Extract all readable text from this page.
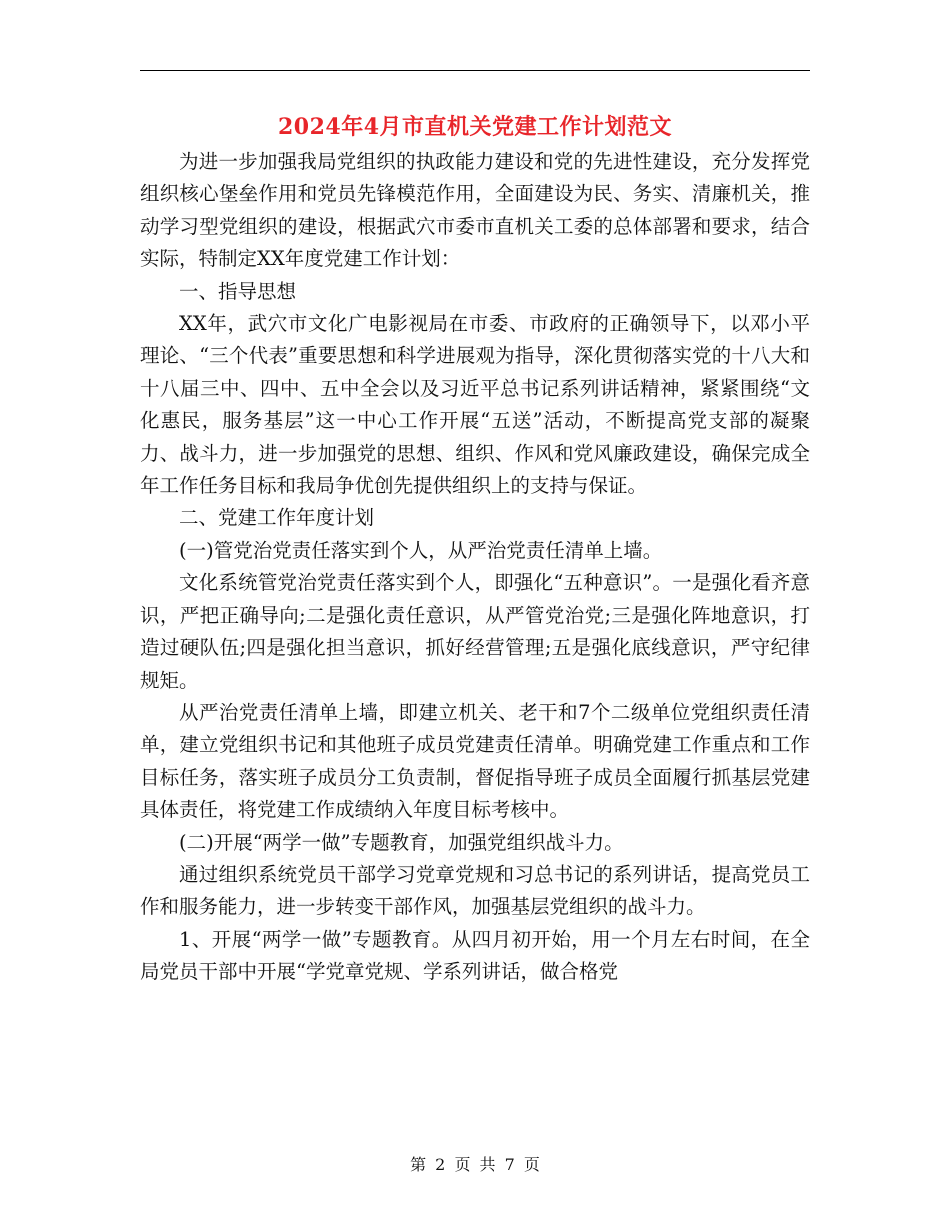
2024年4月市直机关党建工作计划范文

为进一步加强我局党组织的执政能力建设和党的先进性建设，充分发挥党组织核心堡垒作用和党员先锋模范作用，全面建设为民、务实、清廉机关，推动学习型党组织的建设，根据武穴市委市直机关工委的总体部署和要求，结合实际，特制定XX年度党建工作计划：

一、指导思想

XX年，武穴市文化广电影视局在市委、市政府的正确领导下，以邓小平理论、“三个代表”重要思想和科学进展观为指导，深化贯彻落实党的十八大和十八届三中、四中、五中全会以及习近平总书记系列讲话精神，紧紧围绕“文化惠民，服务基层”这一中心工作开展“五送”活动，不断提高党支部的凝聚力、战斗力，进一步加强党的思想、组织、作风和党风廉政建设，确保完成全年工作任务目标和我局争优创先提供组织上的支持与保证。

二、党建工作年度计划

(一)管党治党责任落实到个人，从严治党责任清单上墙。

文化系统管党治党责任落实到个人，即强化“五种意识”。一是强化看齐意识，严把正确导向;二是强化责任意识，从严管党治党;三是强化阵地意识，打造过硬队伍;四是强化担当意识，抓好经营管理;五是强化底线意识，严守纪律规矩。

从严治党责任清单上墙，即建立机关、老干和7个二级单位党组织责任清单，建立党组织书记和其他班子成员党建责任清单。明确党建工作重点和工作目标任务，落实班子成员分工负责制，督促指导班子成员全面履行抓基层党建具体责任，将党建工作成绩纳入年度目标考核中。

(二)开展“两学一做”专题教育，加强党组织战斗力。

通过组织系统党员干部学习党章党规和习总书记的系列讲话，提高党员工作和服务能力，进一步转变干部作风，加强基层党组织的战斗力。

1、开展“两学一做”专题教育。从四月初开始，用一个月左右时间，在全局党员干部中开展“学党章党规、学系列讲话，做合格党

第 2 页 共 7 页
